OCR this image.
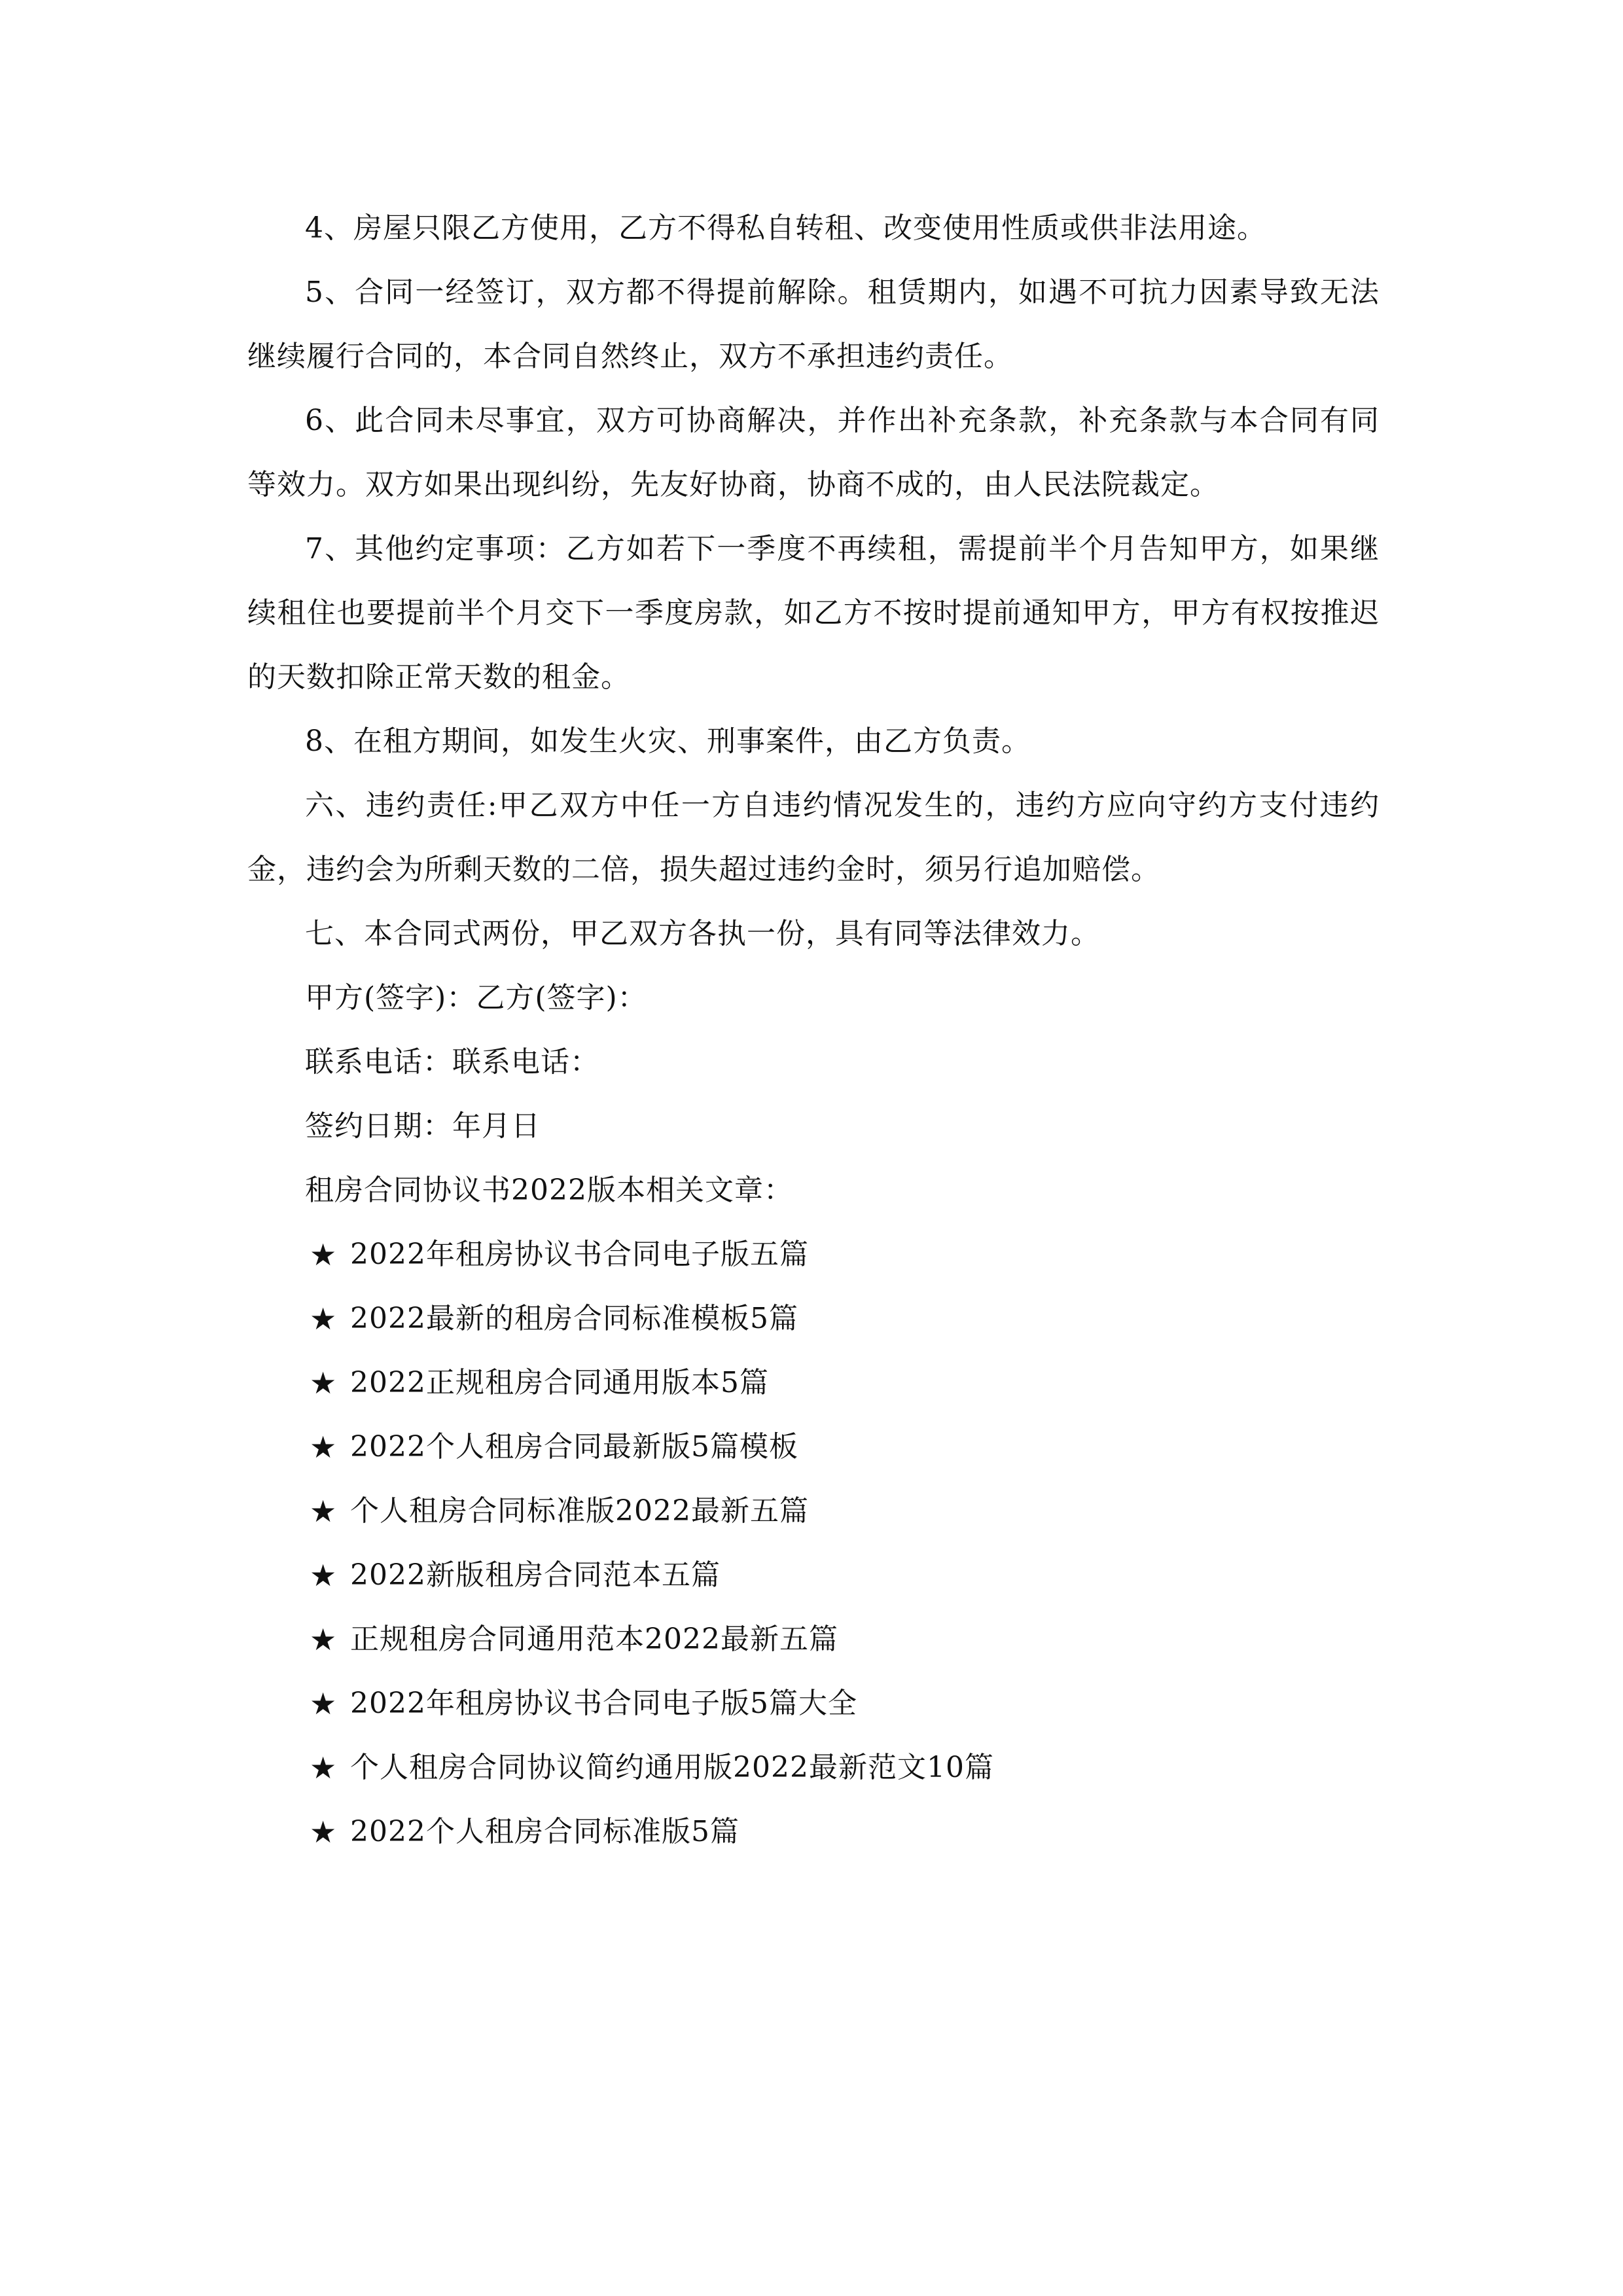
4、房屋只限乙方使用，乙方不得私自转租、改变使用性质或供非法用途。

5、合同一经签订，双方都不得提前解除。租赁期内，如遇不可抗力因素导致无法继续履行合同的，本合同自然终止，双方不承担违约责任。

6、此合同未尽事宜，双方可协商解决，并作出补充条款，补充条款与本合同有同等效力。双方如果出现纠纷，先友好协商，协商不成的，由人民法院裁定。

7、其他约定事项：乙方如若下一季度不再续租，需提前半个月告知甲方，如果继续租住也要提前半个月交下一季度房款，如乙方不按时提前通知甲方，甲方有权按推迟的天数扣除正常天数的租金。

8、在租方期间，如发生火灾、刑事案件，由乙方负责。

六、违约责任:甲乙双方中任一方自违约情况发生的，违约方应向守约方支付违约金，违约会为所剩天数的二倍，损失超过违约金时，须另行追加赔偿。

七、本合同式两份，甲乙双方各执一份，具有同等法律效力。

甲方(签字)：乙方(签字)：

联系电话：联系电话：

签约日期：年月日

租房合同协议书2022版本相关文章：

★ 2022年租房协议书合同电子版五篇

★ 2022最新的租房合同标准模板5篇

★ 2022正规租房合同通用版本5篇

★ 2022个人租房合同最新版5篇模板

★ 个人租房合同标准版2022最新五篇

★ 2022新版租房合同范本五篇

★ 正规租房合同通用范本2022最新五篇

★ 2022年租房协议书合同电子版5篇大全

★ 个人租房合同协议简约通用版2022最新范文10篇

★ 2022个人租房合同标准版5篇
